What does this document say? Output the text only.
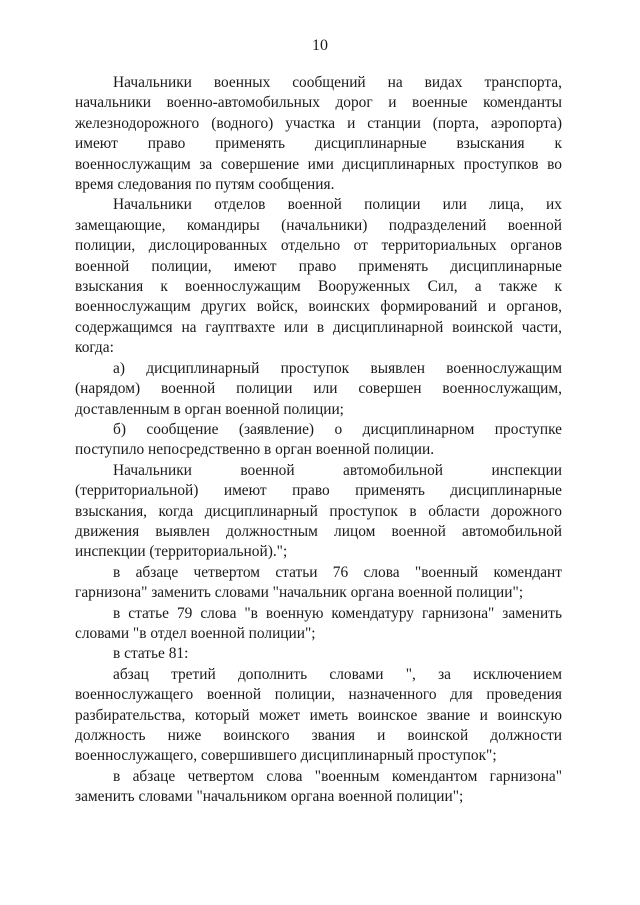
10

Начальники военных сообщений на видах транспорта,
начальники военно-автомобильных дорог и военные коменданты
железнодорожного (водного) участка и станции (порта, аэропорта)
имеют право применять дисциплинарные взыскания к
военнослужащим за совершение ими дисциплинарных проступков во
время следования по путям сообщения.

Начальники отделов военной полиции или лица, их
замещающие, командиры (начальники) подразделений военной
полиции, дислоцированных отдельно от территориальных органов
военной полиции, имеют право применять дисциплинарные
взыскания к военнослужащим Вооруженных Сил, а также к
военнослужащим других войск, воинских формирований и органов,
содержащимся на гауптвахте или в дисциплинарной воинской части,
когда:

а) дисциплинарный проступок выявлен военнослужащим
(нарядом) военной полиции или совершен военнослужащим,
доставленным в орган военной полиции;

б) сообщение (заявление) о дисциплинарном проступке
поступило непосредственно в орган военной полиции.

Начальники военной автомобильной инспекции
(территориальной) имеют право применять дисциплинарные
взыскания, когда дисциплинарный проступок в области дорожного
движения выявлен должностным лицом военной автомобильной
инспекции (территориальной).";

в абзаце четвертом статьи 76 слова "военный комендант
гарнизона" заменить словами "начальник органа военной полиции";

в статье 79 слова "в военную комендатуру гарнизона" заменить
словами "в отдел военной полиции";

в статье 81:

абзац третий дополнить словами ", за исключением
военнослужащего военной полиции, назначенного для проведения
разбирательства, который может иметь воинское звание и воинскую
должность ниже воинского звания и воинской должности
военнослужащего, совершившего дисциплинарный проступок";

в абзаце четвертом слова "военным комендантом гарнизона"
заменить словами "начальником органа военной полиции";
